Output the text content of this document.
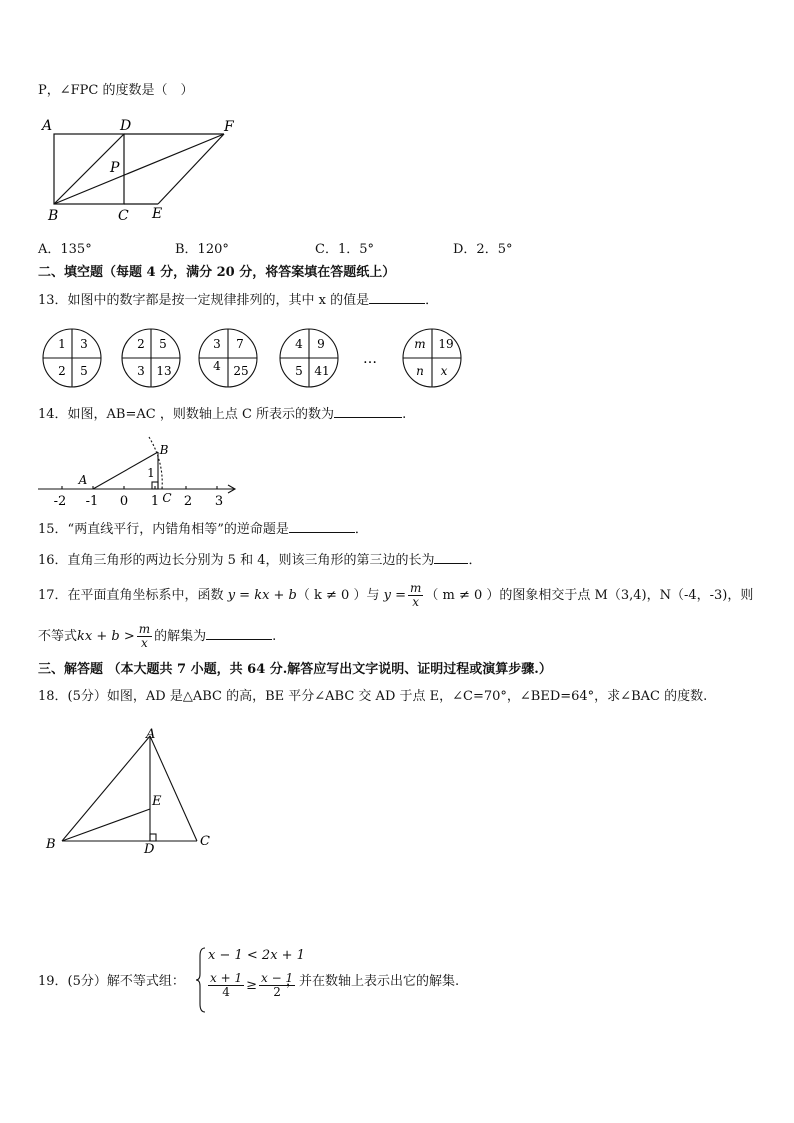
P，∠FPC 的度数是（　）
A	D	F
P
B	C E
A．135°	B．120°	C．1．5°	D．2．5°
二、填空题（每题 4 分，满分 20 分，将答案填在答题纸上）
13．如图中的数字都是按一定规律排列的，其中 x 的值是	．
1 3
2 5
2 5
3 13
3 7
4 25
4 9
5 41
m 19
n x
…
14．如图，AB=AC ，则数轴上点 C 所表示的数为	.
-2 -1 0 1 2 3
A
B
C
1
15．“两直线平行，内错角相等”的逆命题是	．
16．直角三角形的两边长分别为 5 和 4，则该三角形的第三边的长为	．
17．在平面直角坐标系中，函数 y = kx + b（ k ≠ 0 ）与 $y = \frac{m}{x}$ （ m ≠ 0 ）的图象相交于点 M（3,4)，N（-4，-3)，则
不等式kx + $b > \frac{m}{x}$ 的解集为	.
三、解答题 （本大题共 7 小题，共 64 分.解答应写出文字说明、证明过程或演算步骤.）
18．(5分）如图，AD 是△ABC 的高，BE 平分∠ABC 交 AD 于点 E，∠C=70°，∠BED=64°，求∠BAC 的度数.
A
B	C
D
E
19．(5分）解不等式组：
x − 1 < 2x + 1
$\frac{x + 1}{4} \ge \frac{x - 1}{2}$
，并在数轴上表示出它的解集.
